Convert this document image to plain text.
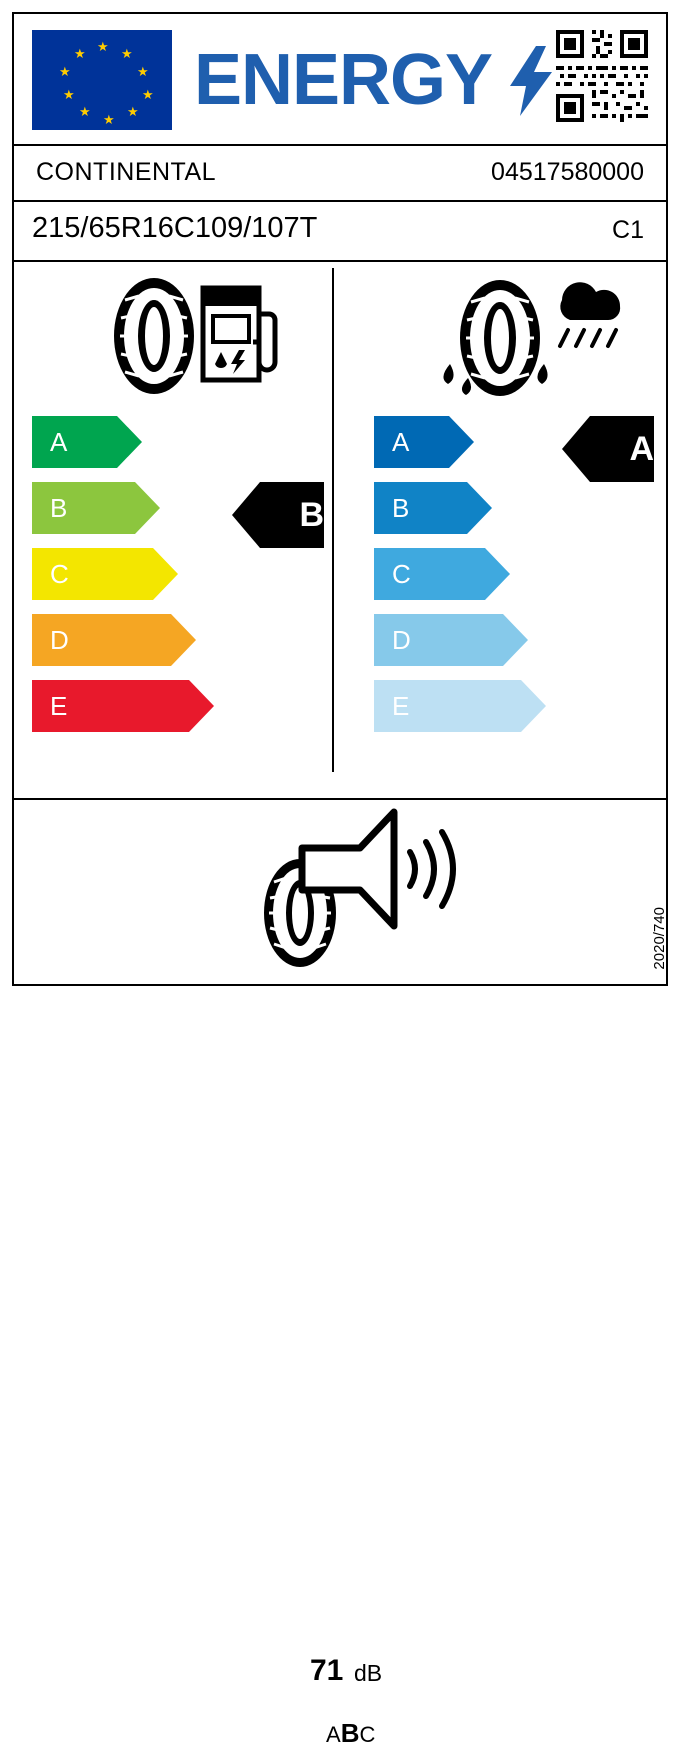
★ ★
★
★
★
★
★
★
★
★ ENERGY
CONTINENTAL	04517580000
215/65R16C109/107T	C1
A
B
C
D
E
B
A
B
C
D
E
A
71 dB
ABC
2020/740
